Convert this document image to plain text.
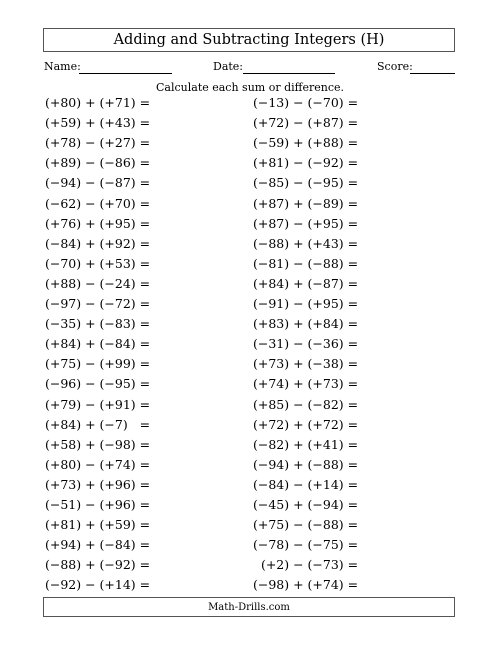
Adding and Subtracting Integers (H)
Name:	Date:	Score:
Calculate each sum or difference.
(+80) + (+71) =
(+59) + (+43) =
(+78) − (+27) =
(+89) − (−86) =
(−94) − (−87) =
(−62) − (+70) =
(+76) + (+95) =
(−84) + (+92) =
(−70) + (+53) =
(+88) − (−24) =
(−97) − (−72) =
(−35) + (−83) =
(+84) + (−84) =
(+75) − (+99) =
(−96) − (−95) =
(+79) − (+91) =
(+84) + (−7)   =
(+58) + (−98) =
(+80) − (+74) =
(+73) + (+96) =
(−51) − (+96) =
(+81) + (+59) =
(+94) + (−84) =
(−88) + (−92) =
(−92) − (+14) =
(−13) − (−70) =
(+72) − (+87) =
(−59) + (+88) =
(+81) − (−92) =
(−85) − (−95) =
(+87) + (−89) =
(+87) − (+95) =
(−88) + (+43) =
(−81) − (−88) =
(+84) + (−87) =
(−91) − (+95) =
(+83) + (+84) =
(−31) − (−36) =
(+73) + (−38) =
(+74) + (+73) =
(+85) − (−82) =
(+72) + (+72) =
(−82) + (+41) =
(−94) + (−88) =
(−84) − (+14) =
(−45) + (−94) =
(+75) − (−88) =
(−78) − (−75) =
(+2) − (−73) =
(−98) + (+74) =
Math-Drills.com
